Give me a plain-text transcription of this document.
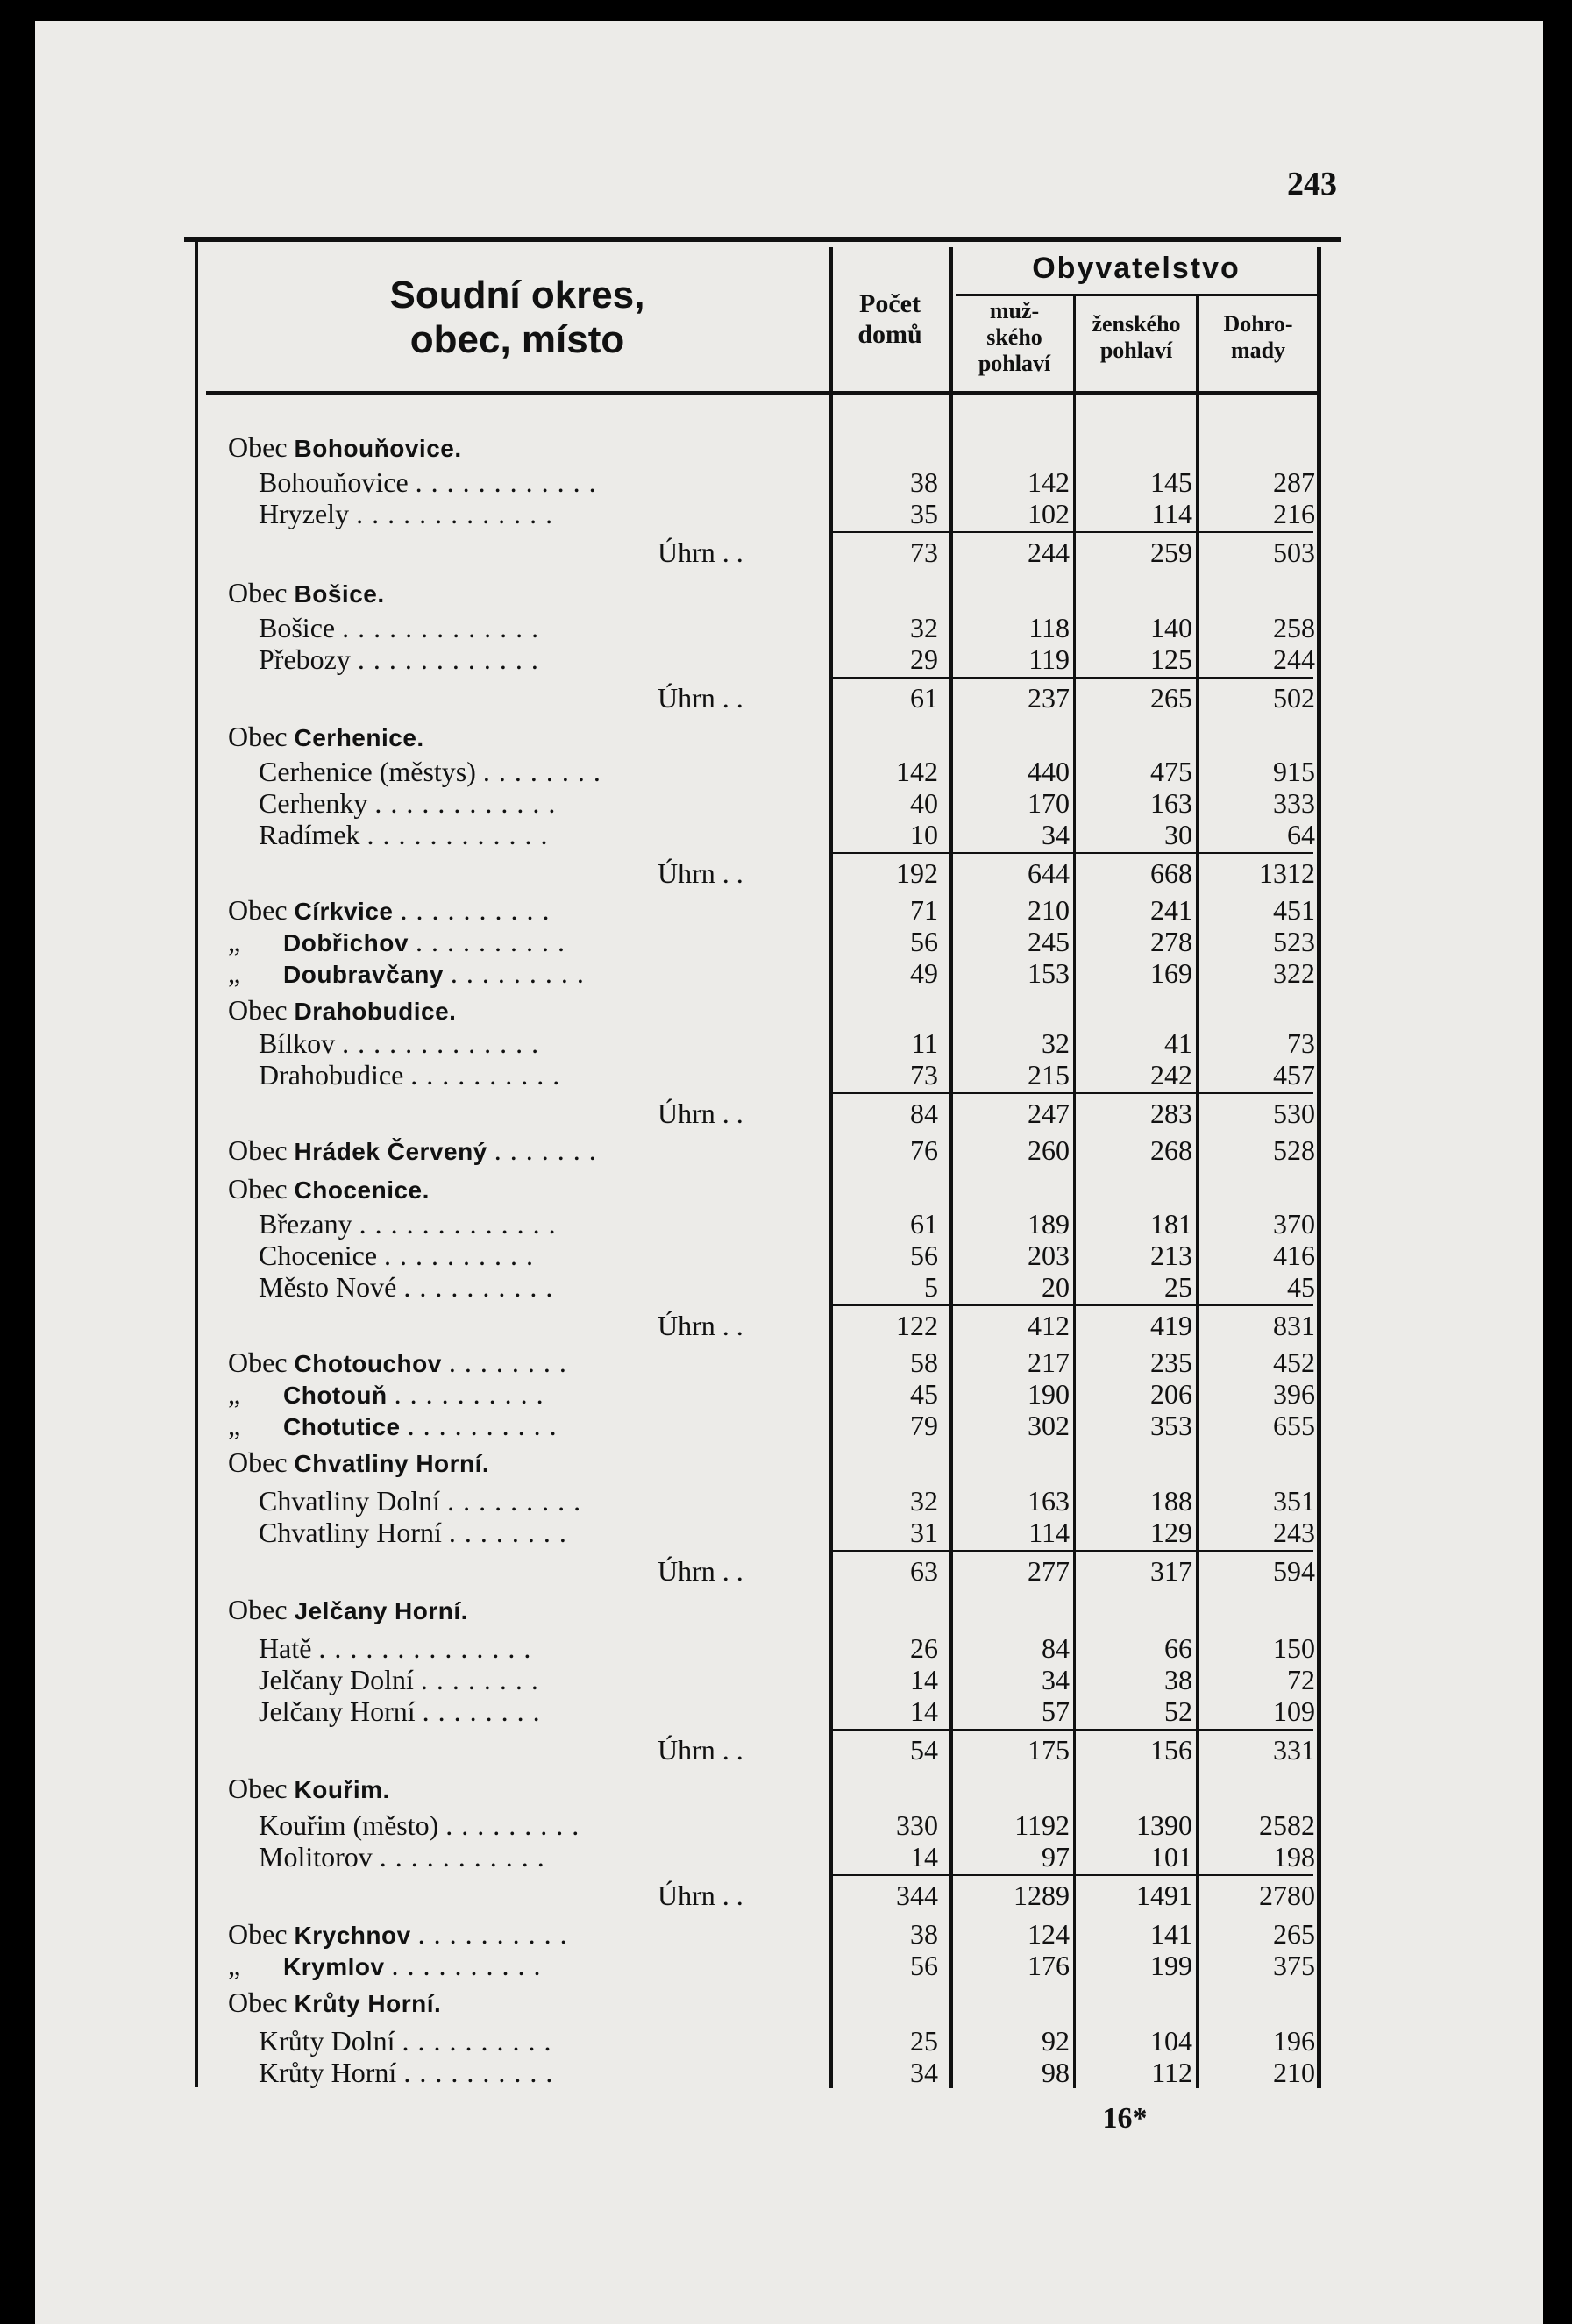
243
Soudní okres,
obec, místo
Počet
domů
Obyvatelstvo
muž-
ského
pohlaví
ženského
pohlaví
Dohro-
mady
Obec Bohouňovice.
Bohouňovice ............	38	142	145	287
Hryzely .............	35	102	114	216
Úhrn . .	73	244	259	503
Obec Bošice.
Bošice .............	32	118	140	258
Přebozy ............	29	119	125	244
Úhrn . .	61	237	265	502
Obec Cerhenice.
Cerhenice (městys) ........	142	440	475	915
Cerhenky ............	40	170	163	333
Radímek ............	10	34	30	64
Úhrn . .	192	644	668	1312
Obec Církvice ..........	71	210	241	451
„ Dobřichov ..........	56	245	278	523
„ Doubravčany .........	49	153	169	322
Obec Drahobudice.
Bílkov .............	11	32	41	73
Drahobudice ..........	73	215	242	457
Úhrn . .	84	247	283	530
Obec Hrádek Červený .......	76	260	268	528
Obec Chocenice.
Březany .............	61	189	181	370
Chocenice ..........	56	203	213	416
Město Nové ..........	5	20	25	45
Úhrn . .	122	412	419	831
Obec Chotouchov ........	58	217	235	452
„ Chotouň ..........	45	190	206	396
„ Chotutice ..........	79	302	353	655
Obec Chvatliny Horní.
Chvatliny Dolní .........	32	163	188	351
Chvatliny Horní ........	31	114	129	243
Úhrn . .	63	277	317	594
Obec Jelčany Horní.
Hatě ..............	26	84	66	150
Jelčany Dolní ........	14	34	38	72
Jelčany Horní ........	14	57	52	109
Úhrn . .	54	175	156	331
Obec Kouřim.
Kouřim (město) .........	330	1192	1390	2582
Molitorov ...........	14	97	101	198
Úhrn . .	344	1289	1491	2780
Obec Krychnov ..........	38	124	141	265
„ Krymlov ..........	56	176	199	375
Obec Krůty Horní.
Krůty Dolní ..........	25	92	104	196
Krůty Horní ..........	34	98	112	210
16*
